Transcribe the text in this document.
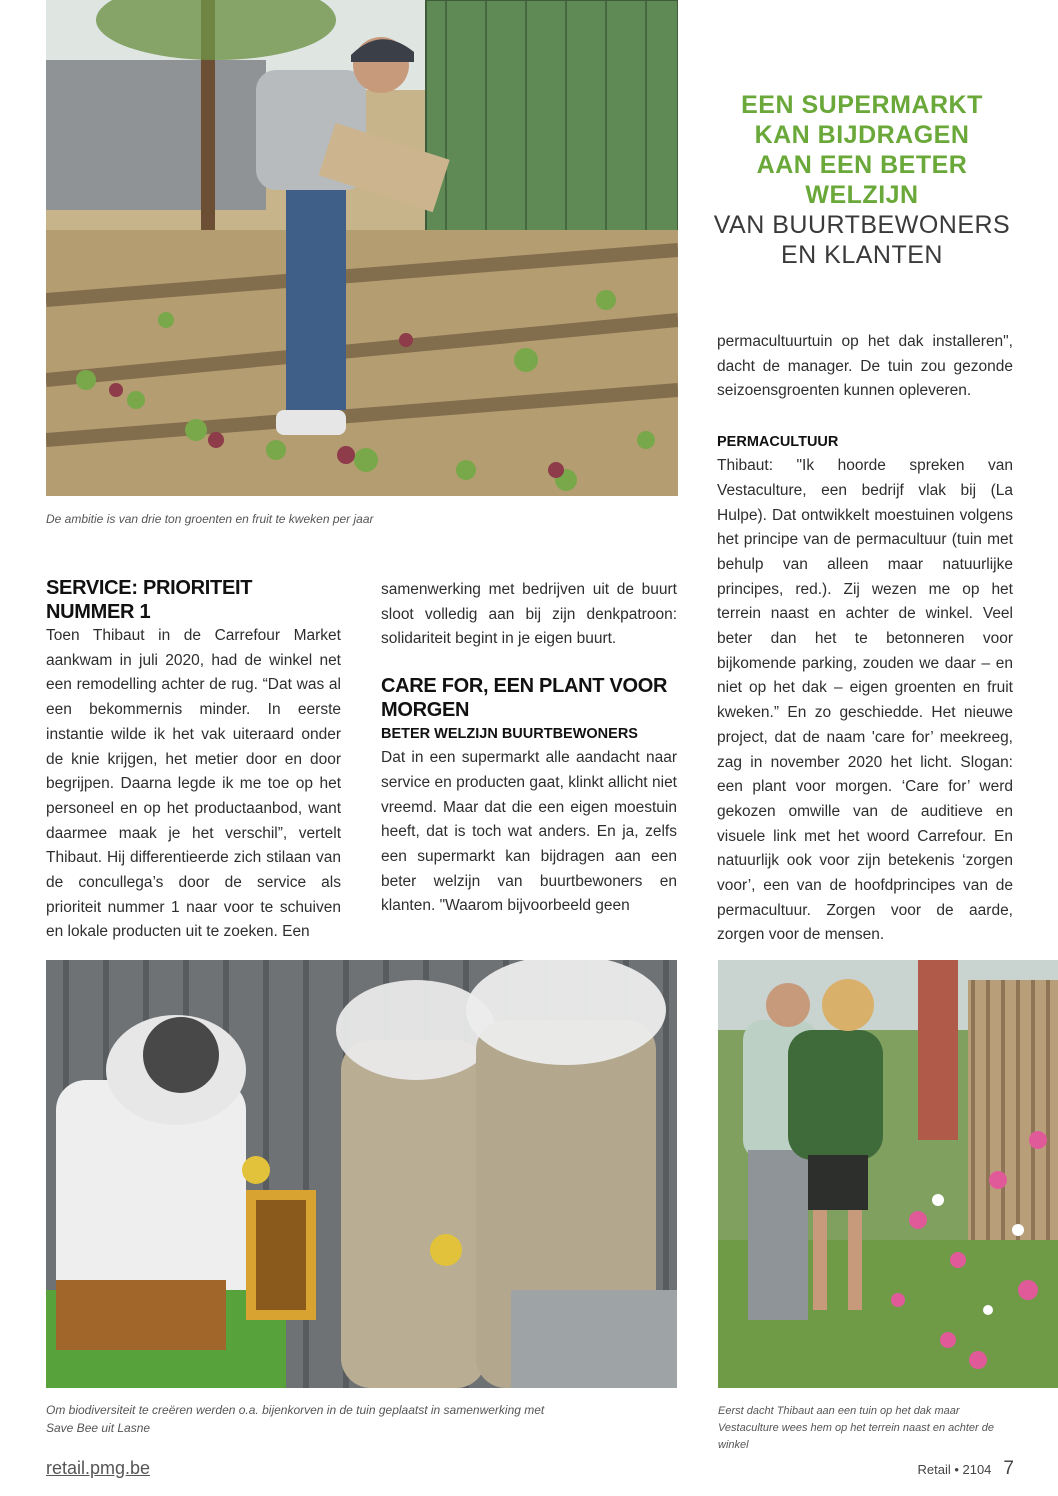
De ambitie is van drie ton groenten en fruit te kweken per jaar
EEN SUPERMARKT
KAN BIJDRAGEN
AAN EEN BETER
WELZIJN
VAN BUURTBEWONERS
EN KLANTEN

permacultuurtuin op het dak installeren", dacht de manager. De tuin zou gezonde seizoensgroenten kunnen opleveren.

PERMACULTUUR

Thibaut: "Ik hoorde spreken van Vestaculture, een bedrijf vlak bij (La Hulpe). Dat ontwikkelt moestuinen volgens het principe van de permacultuur (tuin met behulp van alleen maar natuurlijke principes, red.). Zij wezen me op het terrein naast en achter de winkel. Veel beter dan het te betonneren voor bijkomende parking, zouden we daar – en niet op het dak – eigen groenten en fruit kweken.” En zo geschiedde. Het nieuwe project, dat de naam 'care for’ meekreeg, zag in november 2020 het licht. Slogan: een plant voor morgen. ‘Care for’ werd gekozen omwille van de auditieve en visuele link met het woord Carrefour. En natuurlijk ook voor zijn betekenis ‘zorgen voor’, een van de hoofdprincipes van de permacultuur. Zorgen voor de aarde, zorgen voor de mensen.

SERVICE: PRIORITEIT NUMMER 1

Toen Thibaut in de Carrefour Market aankwam in juli 2020, had de winkel net een remodelling achter de rug. “Dat was al een bekommernis minder. In eerste instantie wilde ik het vak uiteraard onder de knie krijgen, het metier door en door begrijpen. Daarna legde ik me toe op het personeel en op het productaanbod, want daarmee maak je het verschil”, vertelt Thibaut. Hij differentieerde zich stilaan van de concullega’s door de service als prioriteit nummer 1 naar voor te schuiven en lokale producten uit te zoeken. Een

samenwerking met bedrijven uit de buurt sloot volledig aan bij zijn denkpatroon: solidariteit begint in je eigen buurt.

CARE FOR, EEN PLANT VOOR MORGEN
BETER WELZIJN BUURTBEWONERS

Dat in een supermarkt alle aandacht naar service en producten gaat, klinkt allicht niet vreemd. Maar dat die een eigen moestuin heeft, dat is toch wat anders. En ja, zelfs een supermarkt kan bijdragen aan een beter welzijn van buurtbewoners en klanten. "Waarom bijvoorbeeld geen

Om biodiversiteit te creëren werden o.a. bijenkorven in de tuin geplaatst in samenwerking met Save Bee uit Lasne
Eerst dacht Thibaut aan een tuin op het dak maar Vestaculture wees hem op het terrein naast en achter de winkel
retail.pmg.be	Retail • 2104 7
